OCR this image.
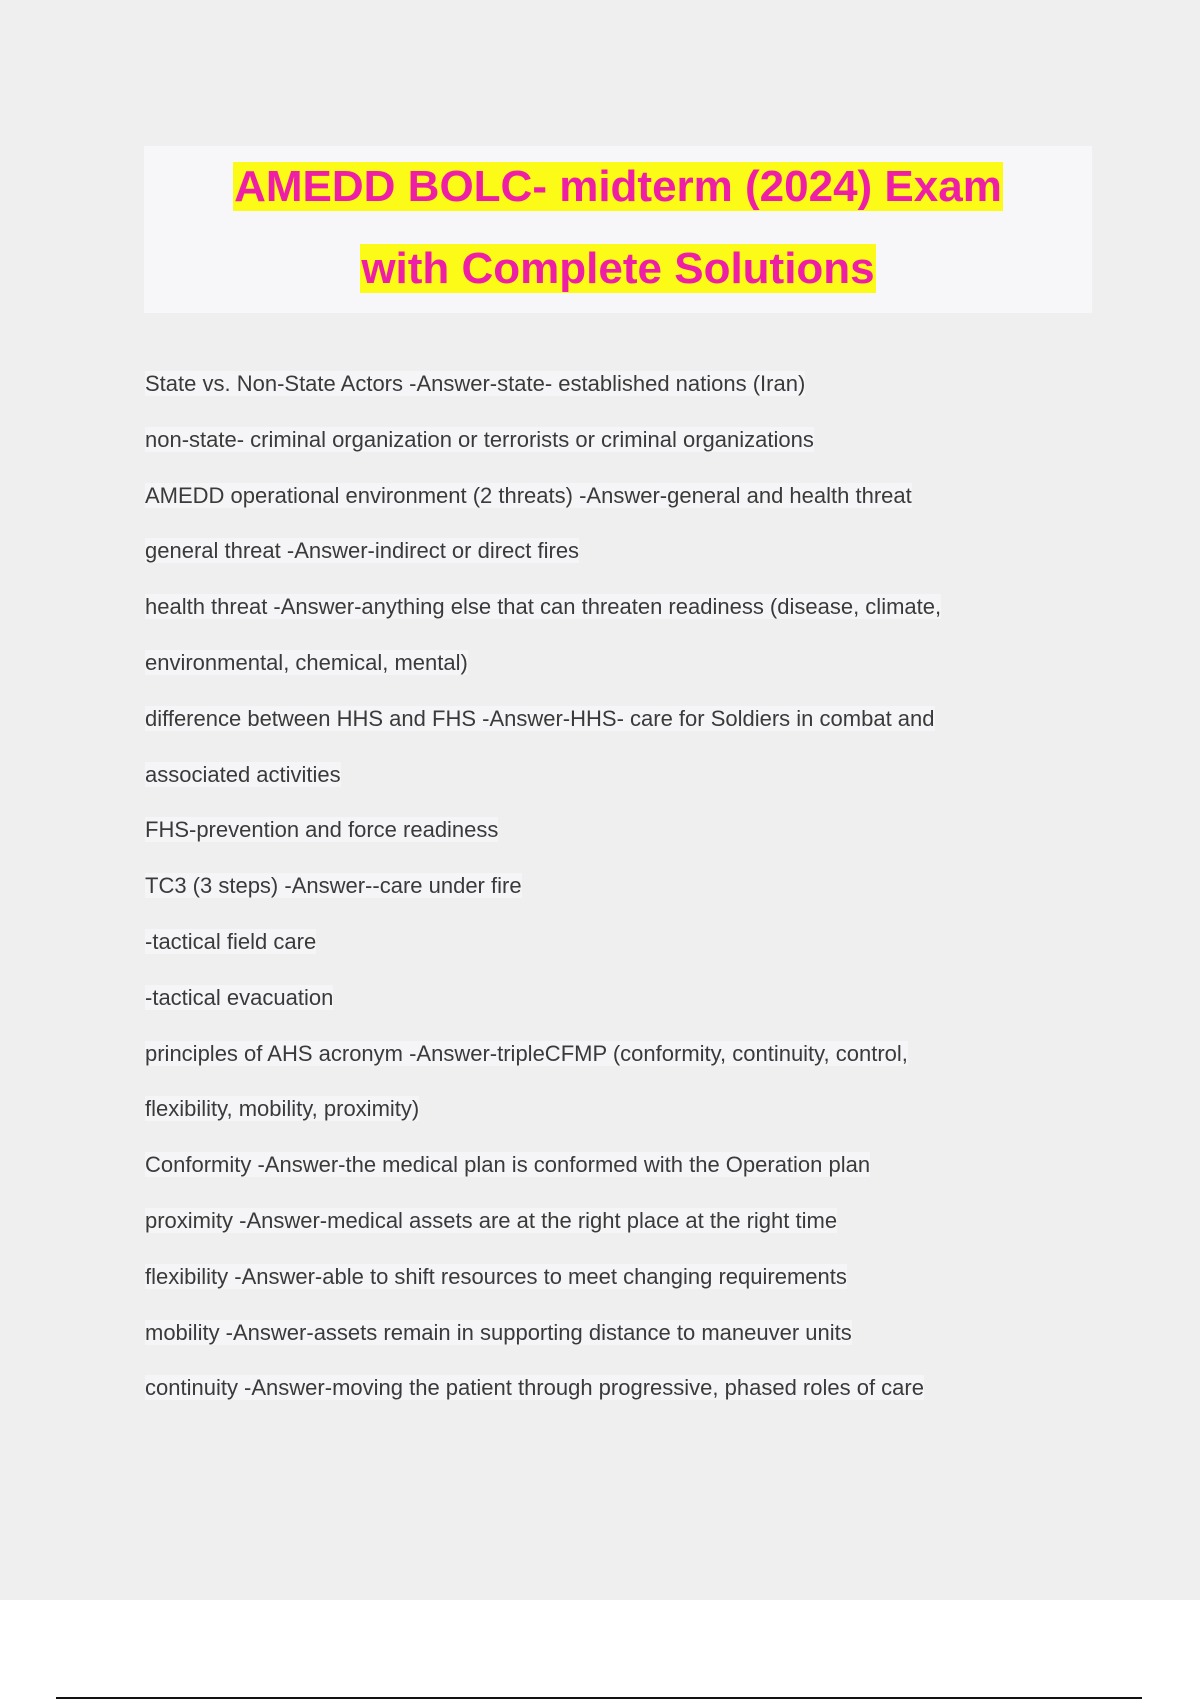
AMEDD BOLC- midterm (2024) Exam
with Complete Solutions
State vs. Non-State Actors -Answer-state- established nations (Iran)
non-state- criminal organization or terrorists or criminal organizations
AMEDD operational environment (2 threats) -Answer-general and health threat
general threat -Answer-indirect or direct fires
health threat -Answer-anything else that can threaten readiness (disease, climate,
environmental, chemical, mental)
difference between HHS and FHS -Answer-HHS- care for Soldiers in combat and
associated activities
FHS-prevention and force readiness
TC3 (3 steps) -Answer--care under fire
-tactical field care
-tactical evacuation
principles of AHS acronym -Answer-tripleCFMP (conformity, continuity, control,
flexibility, mobility, proximity)
Conformity -Answer-the medical plan is conformed with the Operation plan
proximity -Answer-medical assets are at the right place at the right time
flexibility -Answer-able to shift resources to meet changing requirements
mobility -Answer-assets remain in supporting distance to maneuver units
continuity -Answer-moving the patient through progressive, phased roles of care
